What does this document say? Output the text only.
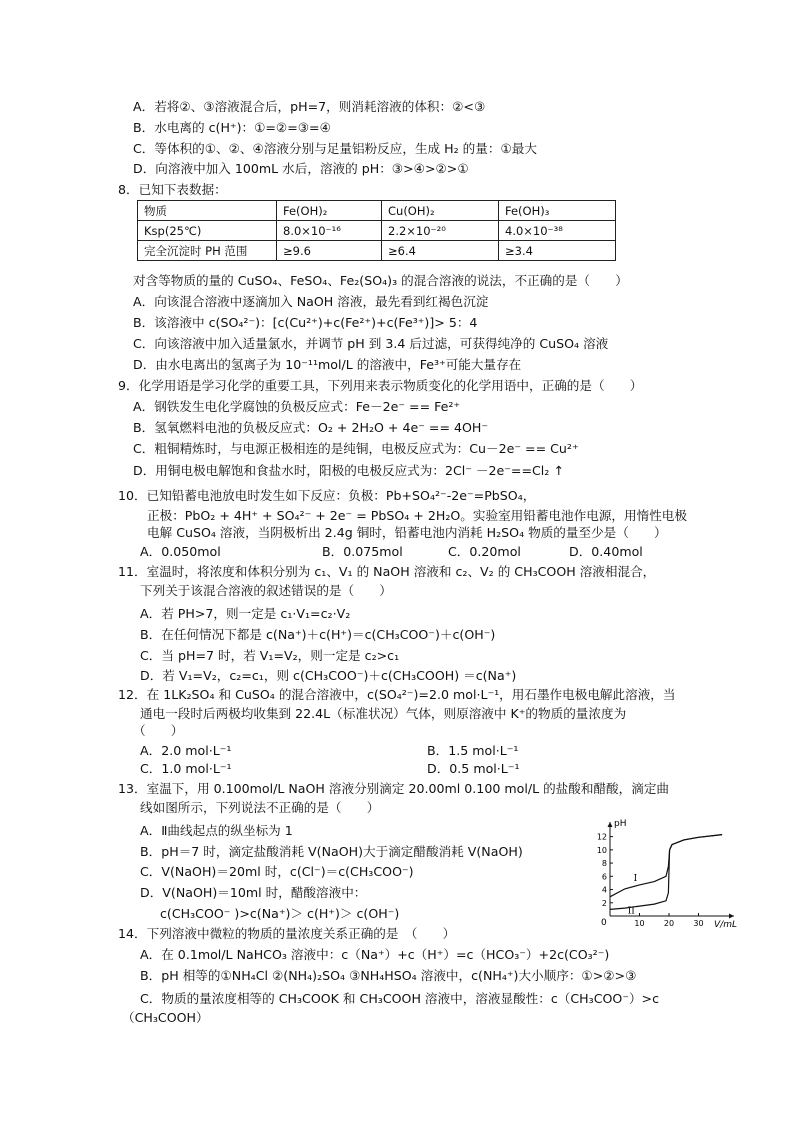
A．若将②、③溶液混合后，pH=7，则消耗溶液的体积：②<③
B．水电离的 c(H⁺)：①=②=③=④
C．等体积的①、②、④溶液分别与足量铝粉反应，生成 H₂ 的量：①最大
D．向溶液中加入 100mL 水后，溶液的 pH：③>④>②>①
8．已知下表数据：
物质	Fe(OH)₂	Cu(OH)₂	Fe(OH)₃
Ksp(25℃)	8.0×10⁻¹⁶	2.2×10⁻²⁰	4.0×10⁻³⁸
完全沉淀时 PH 范围	≥9.6	≥6.4	≥3.4
对含等物质的量的 CuSO₄、FeSO₄、Fe₂(SO₄)₃ 的混合溶液的说法，不正确的是（　　）
A．向该混合溶液中逐滴加入 NaOH 溶液，最先看到红褐色沉淀
B．该溶液中 c(SO₄²⁻)：[c(Cu²⁺)+c(Fe²⁺)+c(Fe³⁺)]> 5：4
C．向该溶液中加入适量氯水，并调节 pH 到 3.4 后过滤，可获得纯净的 CuSO₄ 溶液
D．由水电离出的氢离子为 10⁻¹¹mol/L 的溶液中，Fe³⁺可能大量存在
9．化学用语是学习化学的重要工具，下列用来表示物质变化的化学用语中，正确的是（　　）
A．钢铁发生电化学腐蚀的负极反应式：Fe－2e⁻ == Fe²⁺
B．氢氧燃料电池的负极反应式：O₂ + 2H₂O + 4e⁻ == 4OH⁻
C．粗铜精炼时，与电源正极相连的是纯铜，电极反应式为：Cu－2e⁻ == Cu²⁺
D．用铜电极电解饱和食盐水时，阳极的电极反应式为：2Cl⁻ －2e⁻==Cl₂ ↑
10．已知铅蓄电池放电时发生如下反应：负极：Pb+SO₄²⁻-2e⁻=PbSO₄，
正极：PbO₂ + 4H⁺ + SO₄²⁻ + 2e⁻ = PbSO₄ + 2H₂O。实验室用铅蓄电池作电源，用惰性电极
电解 CuSO₄ 溶液，当阴极析出 2.4g 铜时，铅蓄电池内消耗 H₂SO₄ 物质的量至少是（　　）
A．0.050mol	B．0.075mol	C．0.20mol	D．0.40mol
11．室温时，将浓度和体积分别为 c₁、V₁ 的 NaOH 溶液和 c₂、V₂ 的 CH₃COOH 溶液相混合，
下列关于该混合溶液的叙述错误的是（　　）
A．若 PH>7，则一定是 c₁·V₁=c₂·V₂
B．在任何情况下都是 c(Na⁺)＋c(H⁺)＝c(CH₃COO⁻)＋c(OH⁻)
C．当 pH=7 时，若 V₁=V₂，则一定是 c₂>c₁
D．若 V₁=V₂，c₂=c₁，则 c(CH₃COO⁻)＋c(CH₃COOH) ＝c(Na⁺)
12．在 1LK₂SO₄ 和 CuSO₄ 的混合溶液中，c(SO₄²⁻)=2.0 mol·L⁻¹，用石墨作电极电解此溶液，当
通电一段时后两极均收集到 22.4L（标准状况）气体，则原溶液中 K⁺的物质的量浓度为
（　　）
A．2.0 mol·L⁻¹	B．1.5 mol·L⁻¹
C．1.0 mol·L⁻¹	D．0.5 mol·L⁻¹
13．室温下，用 0.100mol/L NaOH 溶液分别滴定 20.00ml 0.100 mol/L 的盐酸和醋酸，滴定曲
线如图所示，下列说法不正确的是（　　）
A．Ⅱ曲线起点的纵坐标为 1
B．pH＝7 时，滴定盐酸消耗 V(NaOH)大于滴定醋酸消耗 V(NaOH)
C．V(NaOH)＝20ml 时，c(Cl⁻)＝c(CH₃COO⁻)
D．V(NaOH)＝10ml 时，醋酸溶液中：
c(CH₃COO⁻ )>c(Na⁺)＞ c(H⁺)＞ c(OH⁻)
2
4
6
8
10
12
10 20 30
pH
V/mL
0
I
II
14．下列溶液中微粒的物质的量浓度关系正确的是　（　　）
A．在 0.1mol/L NaHCO₃ 溶液中：c（Na⁺）+c（H⁺）=c（HCO₃⁻）+2c(CO₃²⁻)
B．pH 相等的①NH₄Cl ②(NH₄)₂SO₄ ③NH₄HSO₄ 溶液中，c(NH₄⁺)大小顺序：①>②>③
C．物质的量浓度相等的 CH₃COOK 和 CH₃COOH 溶液中，溶液显酸性：c（CH₃COO⁻）>c
（CH₃COOH）
